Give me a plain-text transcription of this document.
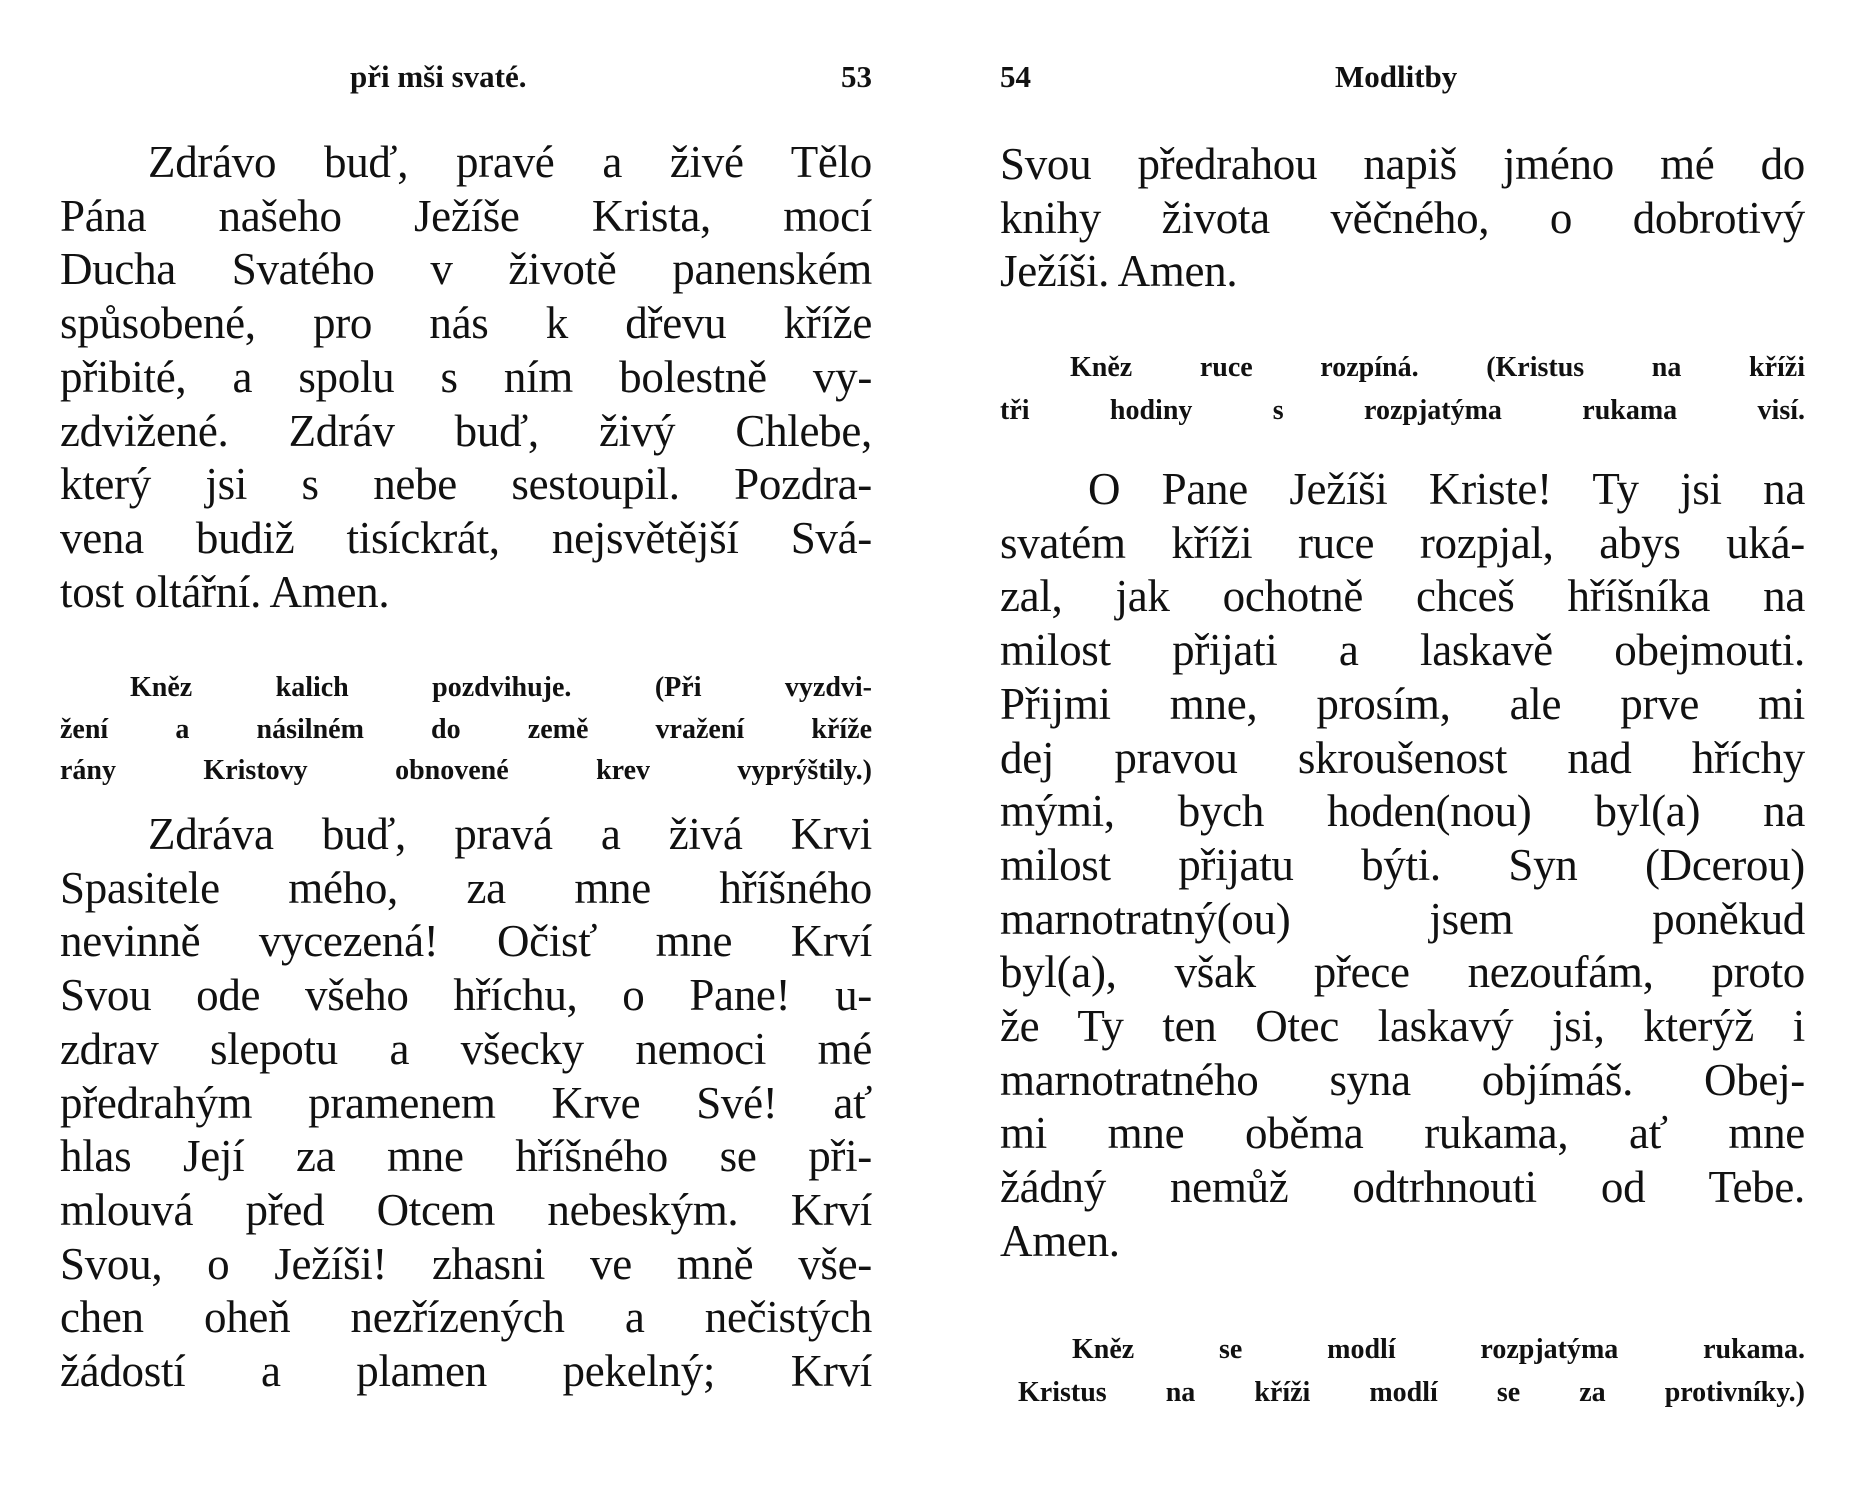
při mši svaté.	53
Zdrávo buď, pravé a živé Tělo
Pána našeho Ježíše Krista, mocí
Ducha Svatého v životě panenském
spůsobené, pro nás k dřevu kříže
přibité, a spolu s ním bolestně vy-
zdvižené. Zdráv buď, živý Chlebe,
který jsi s nebe sestoupil. Pozdra-
vena budiž tisíckrát, nejsvětější Svá-
tost oltářní. Amen.
Kněz kalich pozdvihuje. (Při vyzdvi-
žení a násilném do země vražení kříže
rány Kristovy obnovené krev vyprýštily.)
Zdráva buď, pravá a živá Krvi
Spasitele mého, za mne hříšného
nevinně vycezená! Očisť mne Krví
Svou ode všeho hříchu, o Pane! u-
zdrav slepotu a všecky nemoci mé
předrahým pramenem Krve Své! ať
hlas Její za mne hříšného se při-
mlouvá před Otcem nebeským. Krví
Svou, o Ježíši! zhasni ve mně vše-
chen oheň nezřízených a nečistých
žádostí a plamen pekelný; Krví
54	Modlitby
Svou předrahou napiš jméno mé do
knihy života věčného, o dobrotivý
Ježíši. Amen.
Kněz ruce rozpíná. (Kristus na kříži
tři hodiny s rozpjatýma rukama visí.
O Pane Ježíši Kriste! Ty jsi na
svatém kříži ruce rozpjal, abys uká-
zal, jak ochotně chceš hříšníka na
milost přijati a laskavě obejmouti.
Přijmi mne, prosím, ale prve mi
dej pravou skroušenost nad hříchy
mými, bych hoden(nou) byl(a) na
milost přijatu býti. Syn (Dcerou)
marnotratný(ou) jsem poněkud
byl(a), však přece nezoufám, proto
že Ty ten Otec laskavý jsi, kterýž i
marnotratného syna objímáš. Obej-
mi mne oběma rukama, ať mne
žádný nemůž odtrhnouti od Tebe.
Amen.
Kněz se modlí rozpjatýma rukama.
Kristus na kříži modlí se za protivníky.)
